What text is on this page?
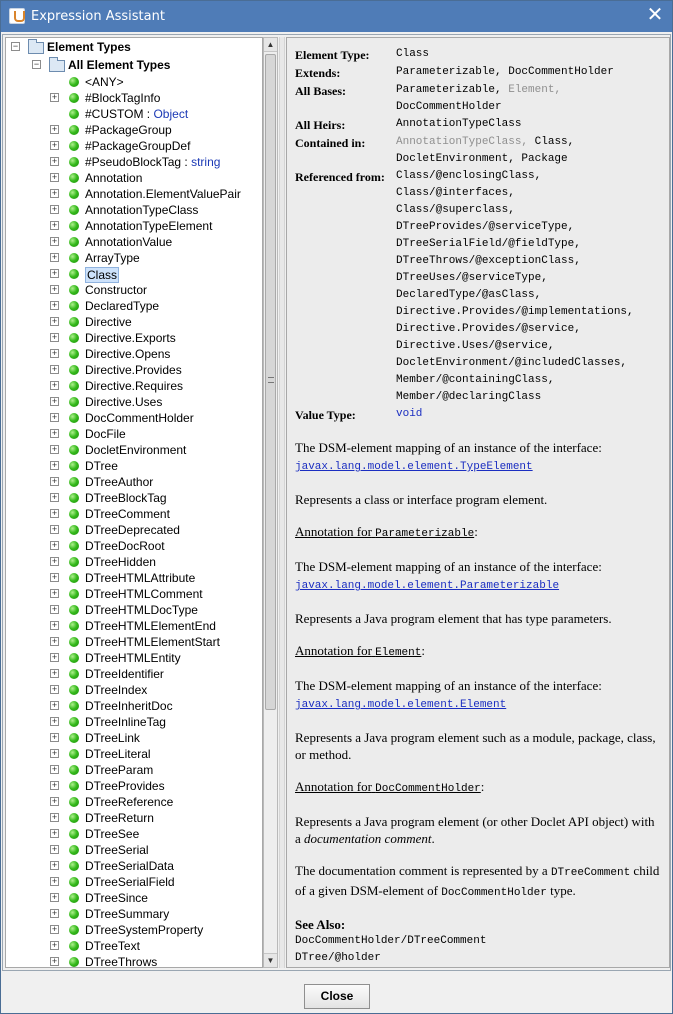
Expression Assistant	✕
− Element Types
− All Element Types
<ANY>
+ #BlockTagInfo
#CUSTOM : Object
+ #PackageGroup
+ #PackageGroupDef
+ #PseudoBlockTag : string
+ Annotation
+ Annotation.ElementValuePair
+ AnnotationTypeClass
+ AnnotationTypeElement
+ AnnotationValue
+ ArrayType
+ Class
+ Constructor
+ DeclaredType
+ Directive
+ Directive.Exports
+ Directive.Opens
+ Directive.Provides
+ Directive.Requires
+ Directive.Uses
+ DocCommentHolder
+ DocFile
+ DocletEnvironment
+ DTree
+ DTreeAuthor
+ DTreeBlockTag
+ DTreeComment
+ DTreeDeprecated
+ DTreeDocRoot
+ DTreeHidden
+ DTreeHTMLAttribute
+ DTreeHTMLComment
+ DTreeHTMLDocType
+ DTreeHTMLElementEnd
+ DTreeHTMLElementStart
+ DTreeHTMLEntity
+ DTreeIdentifier
+ DTreeIndex
+ DTreeInheritDoc
+ DTreeInlineTag
+ DTreeLink
+ DTreeLiteral
+ DTreeParam
+ DTreeProvides
+ DTreeReference
+ DTreeReturn
+ DTreeSee
+ DTreeSerial
+ DTreeSerialData
+ DTreeSerialField
+ DTreeSince
+ DTreeSummary
+ DTreeSystemProperty
+ DTreeText
+ DTreeThrows
▲
▼
Element Type:	Class
Extends:	Parameterizable, DocCommentHolder
All Bases:	Parameterizable, Element,
DocCommentHolder
All Heirs:	AnnotationTypeClass
Contained in:	AnnotationTypeClass, Class,
DocletEnvironment, Package
Referenced from:	Class/@enclosingClass,
Class/@interfaces,
Class/@superclass,
DTreeProvides/@serviceType,
DTreeSerialField/@fieldType,
DTreeThrows/@exceptionClass,
DTreeUses/@serviceType,
DeclaredType/@asClass,
Directive.Provides/@implementations,
Directive.Provides/@service,
Directive.Uses/@service,
DocletEnvironment/@includedClasses,
Member/@containingClass,
Member/@declaringClass
Value Type:	void
The DSM-element mapping of an instance of the interface:
javax.lang.model.element.TypeElement
Represents a class or interface program element.
Annotation for Parameterizable:
The DSM-element mapping of an instance of the interface:
javax.lang.model.element.Parameterizable
Represents a Java program element that has type parameters.
Annotation for Element:
The DSM-element mapping of an instance of the interface:
javax.lang.model.element.Element
Represents a Java program element such as a module, package, class, or method.
Annotation for DocCommentHolder:
Represents a Java program element (or other Doclet API object) with a documentation comment.
The documentation comment is represented by a DTreeComment child of a given DSM-element of DocCommentHolder type.
See Also:
DocCommentHolder/DTreeComment
DTree/@holder
Close
